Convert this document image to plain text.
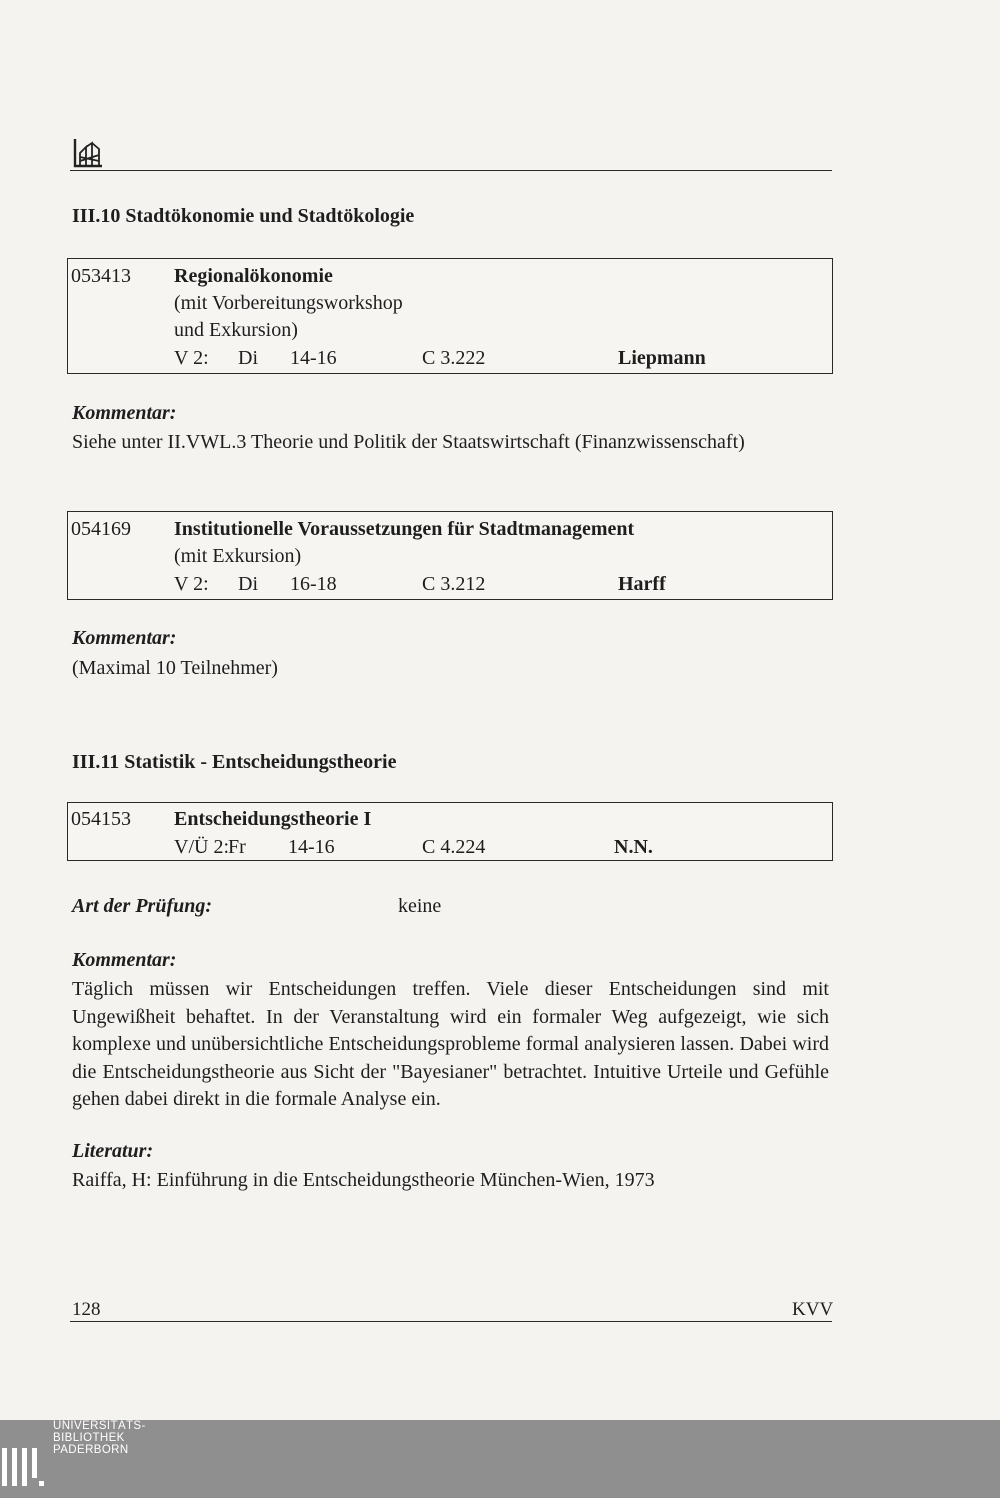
III.10 Stadtökonomie und Stadtökologie
053413 Regionalökonomie
(mit Vorbereitungsworkshop
und Exkursion)
V 2: Di 14-16	C 3.222	Liepmann
Kommentar:
Siehe unter II.VWL.3 Theorie und Politik der Staatswirtschaft (Finanzwissenschaft)
054169 Institutionelle Voraussetzungen für Stadtmanagement
(mit Exkursion)
V 2: Di 16-18	C 3.212	Harff
Kommentar:
(Maximal 10 Teilnehmer)
III.11 Statistik - Entscheidungstheorie
054153 Entscheidungstheorie I
V/Ü 2: Fr 14-16	C 4.224	N.N.
Art der Prüfung:	keine
Kommentar:
Täglich müssen wir Entscheidungen treffen. Viele dieser Entscheidungen sind mit Ungewißheit behaftet. In der Veranstaltung wird ein formaler Weg aufgezeigt, wie sich komplexe und unübersichtliche Entscheidungsprobleme formal analysieren lassen. Dabei wird die Entscheidungstheorie aus Sicht der "Bayesianer" betrachtet. Intuitive Urteile und Gefühle gehen dabei direkt in die formale Analyse ein.
Literatur:
Raiffa, H: Einführung in die Entscheidungstheorie München-Wien, 1973
128	KVV
UNIVERSITÄTS-
BIBLIOTHEK
PADERBORN
